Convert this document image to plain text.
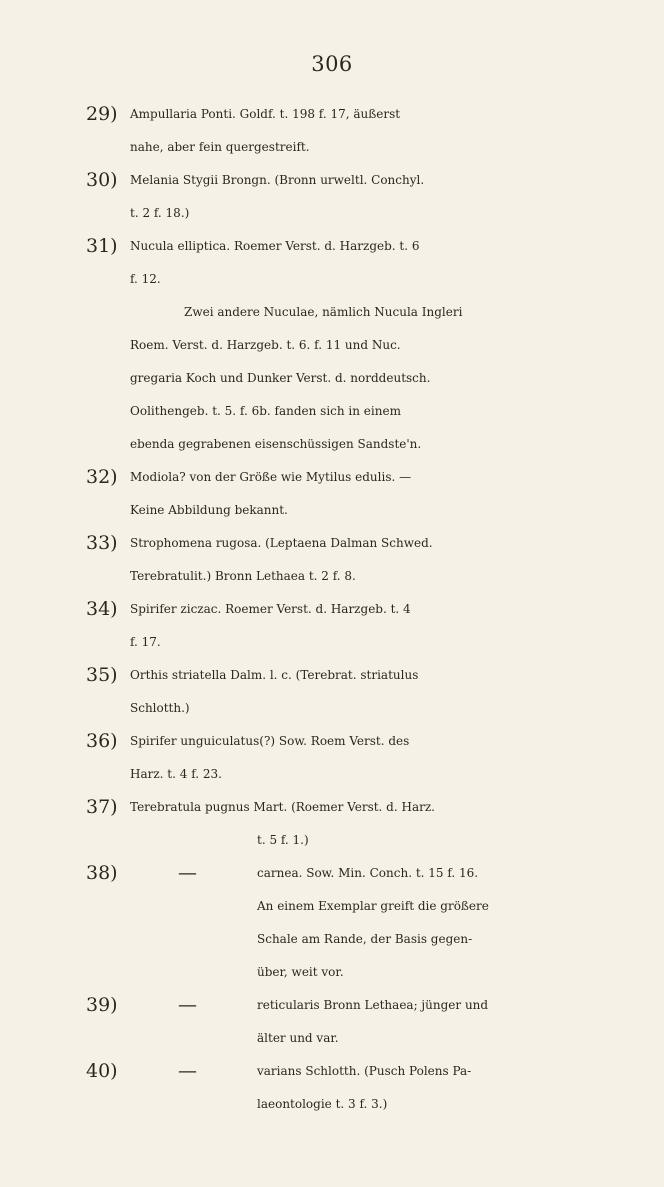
306
29) Ampullaria Ponti. Goldf. t. 198 f. 17, äußerst
nahe, aber fein quergestreift.
30) Melania Stygii Brongn. (Bronn urweltl. Conchyl.
t. 2 f. 18.)
31) Nucula elliptica. Roemer Verst. d. Harzgeb. t. 6
f. 12.
Zwei andere Nuculae, nämlich Nucula Ingleri
Roem. Verst. d. Harzgeb. t. 6. f. 11 und Nuc.
gregaria Koch und Dunker Verst. d. norddeutsch.
Oolithengeb. t. 5. f. 6b. fanden sich in einem
ebenda gegrabenen eisenschüssigen Sandste'n.
32) Modiola? von der Größe wie Mytilus edulis. —
Keine Abbildung bekannt.
33) Strophomena rugosa. (Leptaena Dalman Schwed.
Terebratulit.) Bronn Lethaea t. 2 f. 8.
34) Spirifer ziczac. Roemer Verst. d. Harzgeb. t. 4
f. 17.
35) Orthis striatella Dalm. l. c. (Terebrat. striatulus
Schlotth.)
36) Spirifer unguiculatus(?) Sow. Roem Verst. des
Harz. t. 4 f. 23.
37) Terebratula pugnus Mart. (Roemer Verst. d. Harz.
t. 5 f. 1.)
38)	—	carnea. Sow. Min. Conch. t. 15 f. 16.
An einem Exemplar greift die größere
Schale am Rande, der Basis gegen-
über, weit vor.
39)	—	reticularis Bronn Lethaea; jünger und
älter und var.
40)	—	varians Schlotth. (Pusch Polens Pa-
laeontologie t. 3 f. 3.)
